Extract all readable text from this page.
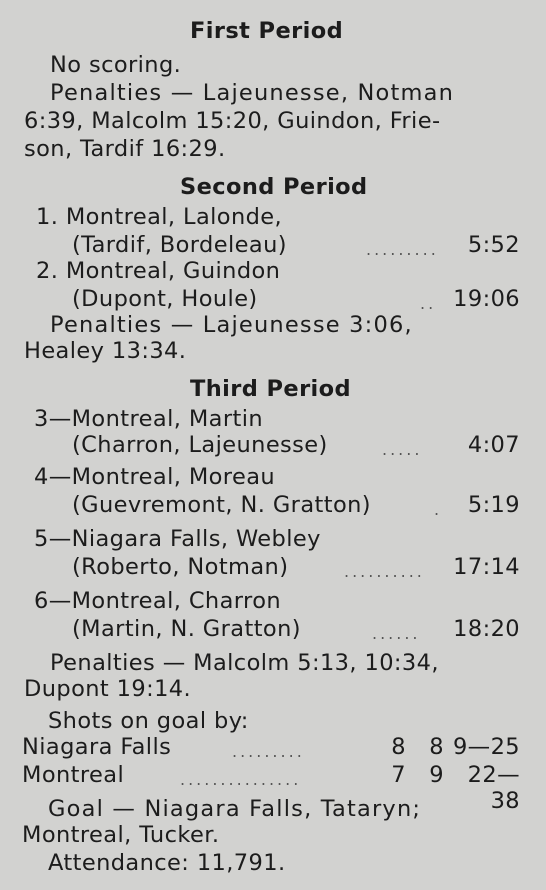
First Period
No scoring.
Penalties — Lajeunesse, Notman
6:39, Malcolm 15:20, Guindon, Frie-
son, Tardif 16:29.
Second Period
1. Montreal, Lalonde,
(Tardif, Bordeleau)	......... 5:52
2. Montreal, Guindon
(Dupont, Houle)	.. 19:06
Penalties — Lajeunesse 3:06,
Healey 13:34.
Third Period
3—Montreal, Martin
(Charron, Lajeunesse)	..... 4:07
4—Montreal, Moreau
(Guevremont, N. Gratton)	. 5:19
5—Niagara Falls, Webley
(Roberto, Notman)	.......... 17:14
6—Montreal, Charron
(Martin, N. Gratton)	...... 18:20
Penalties — Malcolm 5:13, 10:34,
Dupont 19:14.
Shots on goal by:
Niagara Falls	.........	8	8 9—25
Montreal	...............	7	9	22—38
Goal — Niagara Falls, Tataryn;
Montreal, Tucker.
Attendance: 11,791.
